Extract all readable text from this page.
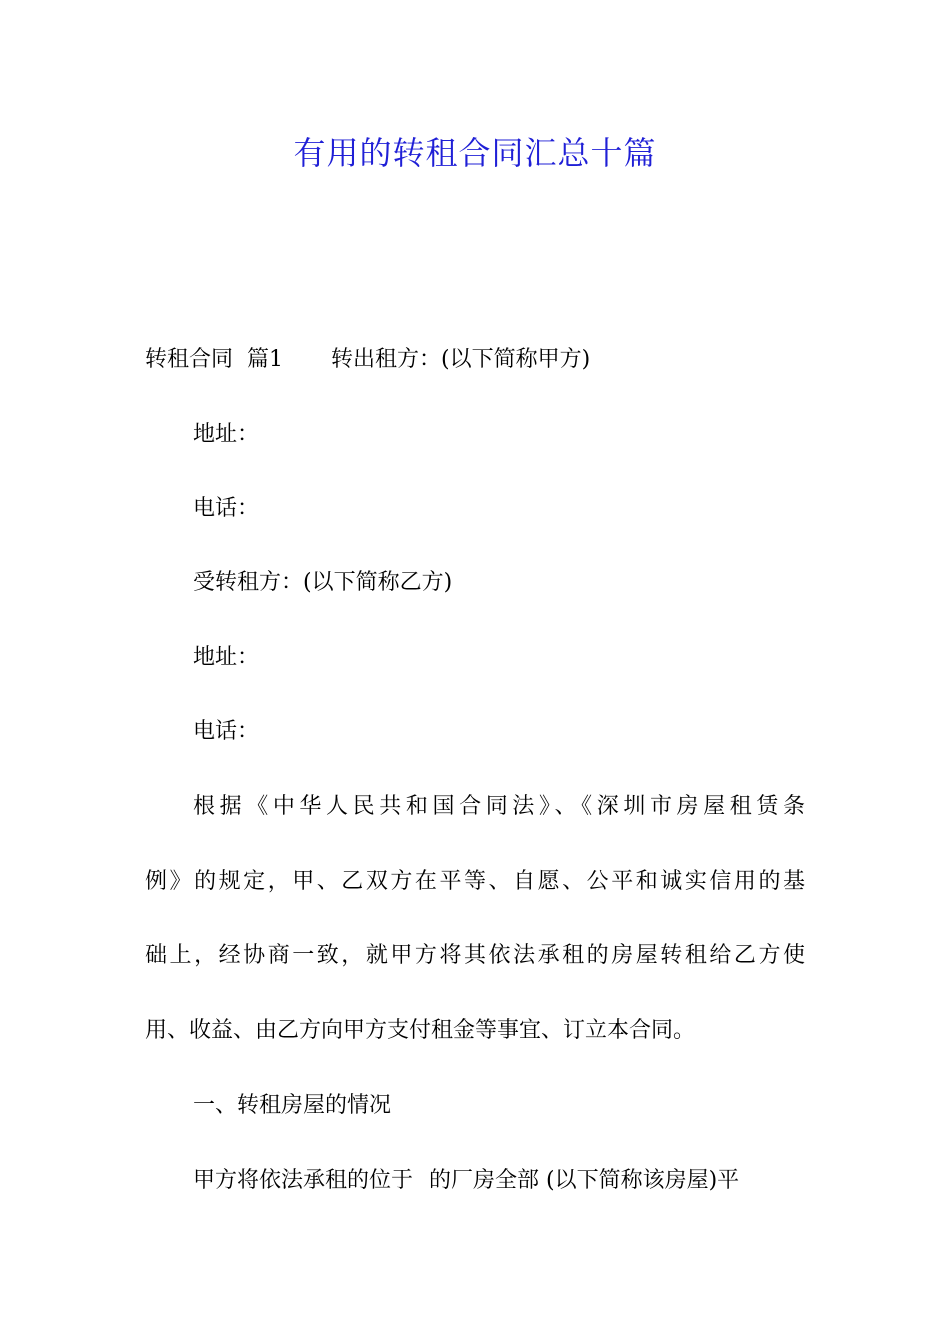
有用的转租合同汇总十篇
转租合同 篇1 转出租方：(以下简称甲方)
地址：
电话：
受转租方：(以下简称乙方)
地址：
电话：
根据《中华人民共和国合同法》、《深圳市房屋租赁条
例》的规定，甲、乙双方在平等、自愿、公平和诚实信用的基
础上，经协商一致，就甲方将其依法承租的房屋转租给乙方使
用、收益、由乙方向甲方支付租金等事宜、订立本合同。
一、转租房屋的情况
甲方将依法承租的位于 的厂房全部 (以下简称该房屋)平
